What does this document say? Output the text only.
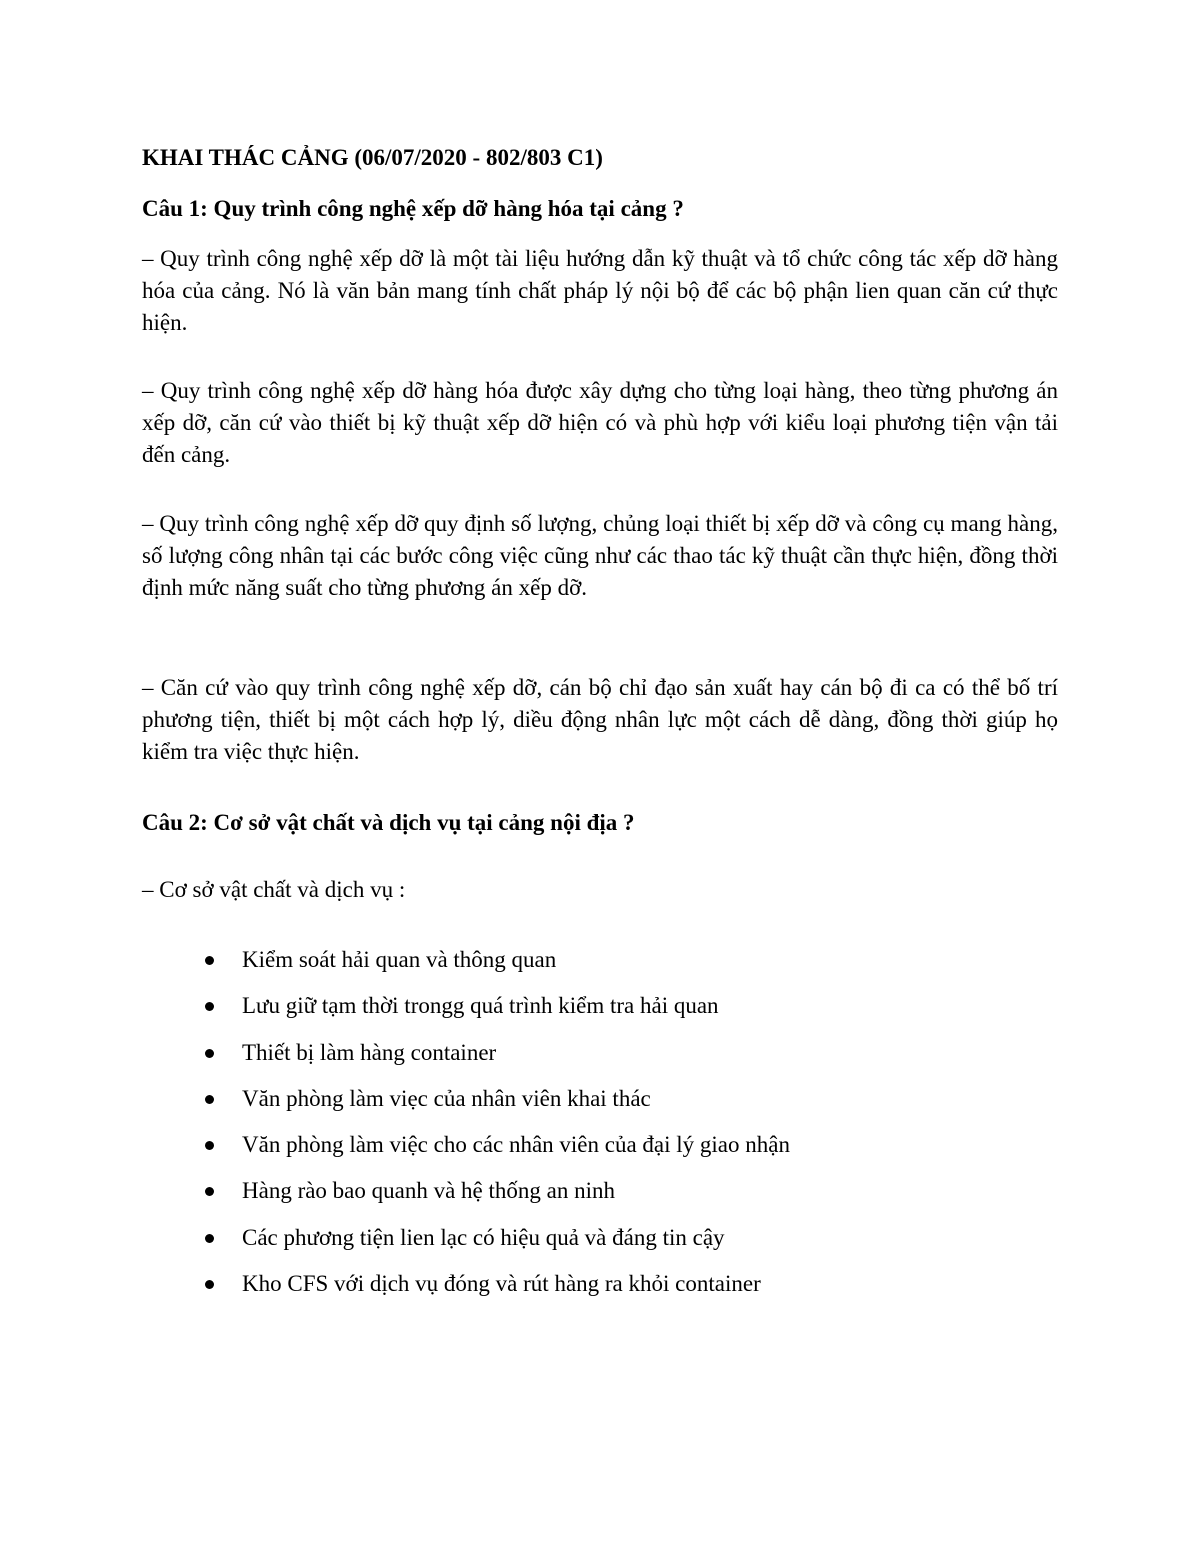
KHAI THÁC CẢNG (06/07/2020 - 802/803 C1)
Câu 1: Quy trình công nghệ xếp dỡ hàng hóa tại cảng ?

– Quy trình công nghệ xếp dỡ là một tài liệu hướng dẫn kỹ thuật và tổ chức công tác xếp dỡ hàng hóa của cảng. Nó là văn bản mang tính chất pháp lý nội bộ để các bộ phận lien quan căn cứ thực hiện.

– Quy trình công nghệ xếp dỡ hàng hóa được xây dựng cho từng loại hàng, theo từng phương án xếp dỡ, căn cứ vào thiết bị kỹ thuật xếp dỡ hiện có và phù hợp với kiểu loại phương tiện vận tải đến cảng.

– Quy trình công nghệ xếp dỡ quy định số lượng, chủng loại thiết bị xếp dỡ và công cụ mang hàng, số lượng công nhân tại các bước công việc cũng như các thao tác kỹ thuật cần thực hiện, đồng thời định mức năng suất cho từng phương án xếp dỡ.

– Căn cứ vào quy trình công nghệ xếp dỡ, cán bộ chỉ đạo sản xuất hay cán bộ đi ca có thể bố trí phương tiện, thiết bị một cách hợp lý, diều động nhân lực một cách dễ dàng, đồng thời giúp họ kiểm tra việc thực hiện.

Câu 2: Cơ sở vật chất và dịch vụ tại cảng nội địa ?

– Cơ sở vật chất và dịch vụ :

Kiểm soát hải quan và thông quan
Lưu giữ tạm thời trongg quá trình kiểm tra hải quan
Thiết bị làm hàng container
Văn phòng làm viẹc của nhân viên khai thác
Văn phòng làm việc cho các nhân viên của đại lý giao nhận
Hàng rào bao quanh và hệ thống an ninh
Các phương tiện lien lạc có hiệu quả và đáng tin cậy
Kho CFS với dịch vụ đóng và rút hàng ra khỏi container
